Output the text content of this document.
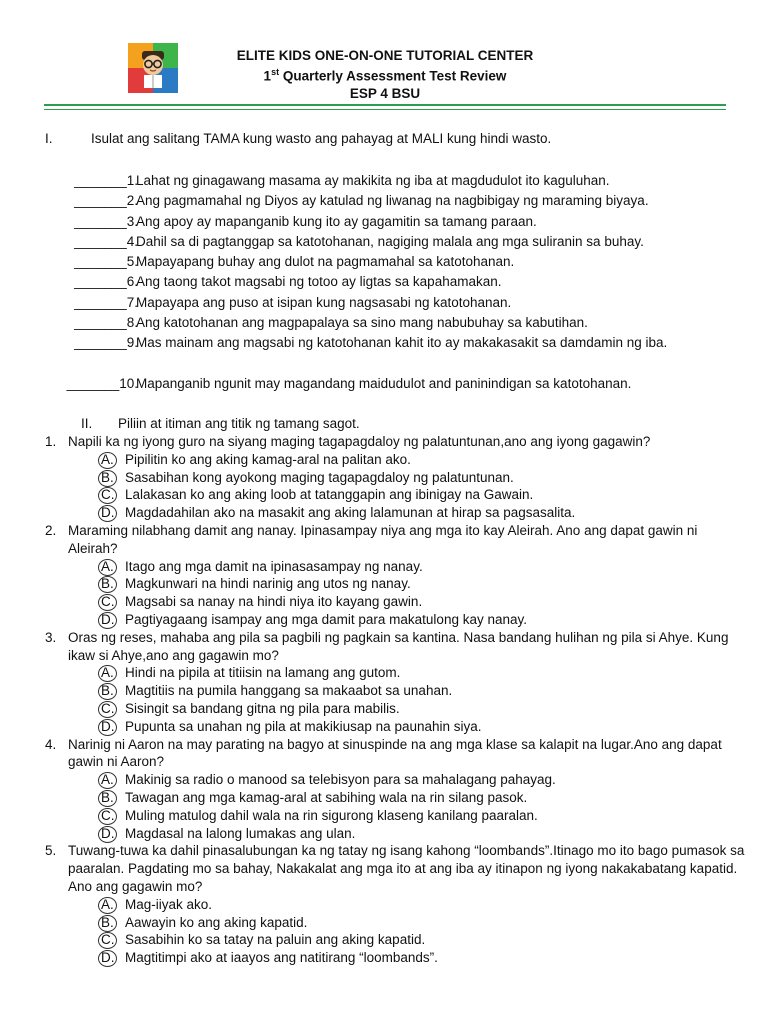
ELITE KIDS ONE-ON-ONE TUTORIAL CENTER
1st Quarterly Assessment Test Review
ESP 4 BSU
I.	Isulat ang salitang TAMA kung wasto ang pahayag at MALI kung hindi wasto.
_______1.
Lahat ng ginagawang masama ay makikita ng iba at magdudulot ito kaguluhan.
_______2.
Ang pagmamahal ng Diyos ay katulad ng liwanag na nagbibigay ng maraming biyaya.
_______3.
Ang apoy ay mapanganib kung ito ay gagamitin sa tamang paraan.
_______4.
Dahil sa di pagtanggap sa katotohanan, nagiging malala ang mga suliranin sa buhay.
_______5.
Mapayapang buhay ang dulot na pagmamahal sa katotohanan.
_______6.
Ang taong takot magsabi ng totoo ay ligtas sa kapahamakan.
_______7.
Mapayapa ang puso at isipan kung nagsasabi ng katotohanan.
_______8.
Ang katotohanan ang magpapalaya sa sino mang nabubuhay sa kabutihan.
_______9.
Mas mainam ang magsabi ng katotohanan kahit ito ay makakasakit sa damdamin ng iba.
_______10.
Mapanganib ngunit may magandang maidudulot and paninindigan sa katotohanan.
II. Piliin at itiman ang titik ng tamang sagot.
1. Napili ka ng iyong guro na siyang maging tagapagdaloy ng palatuntunan,ano ang iyong gagawin?
A. Pipilitin ko ang aking kamag-aral na palitan ako.
B. Sasabihan kong ayokong maging tagapagdaloy ng palatuntunan.
C. Lalakasan ko ang aking loob at tatanggapin ang ibinigay na Gawain.
D. Magdadahilan ako na masakit ang aking lalamunan at hirap sa pagsasalita.
2. Maraming nilabhang damit ang nanay. Ipinasampay niya ang mga ito kay Aleirah. Ano ang dapat gawin ni Aleirah?
A. Itago ang mga damit na ipinasasampay ng nanay.
B. Magkunwari na hindi narinig ang utos ng nanay.
C. Magsabi sa nanay na hindi niya ito kayang gawin.
D. Pagtiyagaang isampay ang mga damit para makatulong kay nanay.
3. Oras ng reses, mahaba ang pila sa pagbili ng pagkain sa kantina. Nasa bandang hulihan ng pila si Ahye. Kung ikaw si Ahye,ano ang gagawin mo?
A. Hindi na pipila at titiisin na lamang ang gutom.
B. Magtitiis na pumila hanggang sa makaabot sa unahan.
C. Sisingit sa bandang gitna ng pila para mabilis.
D. Pupunta sa unahan ng pila at makikiusap na paunahin siya.
4. Narinig ni Aaron na may parating na bagyo at sinuspinde na ang mga klase sa kalapit na lugar.Ano ang dapat gawin ni Aaron?
A. Makinig sa radio o manood sa telebisyon para sa mahalagang pahayag.
B. Tawagan ang mga kamag-aral at sabihing wala na rin silang pasok.
C. Muling matulog dahil wala na rin sigurong klaseng kanilang paaralan.
D. Magdasal na lalong lumakas ang ulan.
5. Tuwang-tuwa ka dahil pinasalubungan ka ng tatay ng isang kahong “loombands”.Itinago mo ito bago pumasok sa paaralan. Pagdating mo sa bahay, Nakakalat ang mga ito at ang iba ay itinapon ng iyong nakakabatang kapatid. Ano ang gagawin mo?
A. Mag-iiyak ako.
B. Aawayin ko ang aking kapatid.
C. Sasabihin ko sa tatay na paluin ang aking kapatid.
D. Magtitimpi ako at iaayos ang natitirang “loombands”.
